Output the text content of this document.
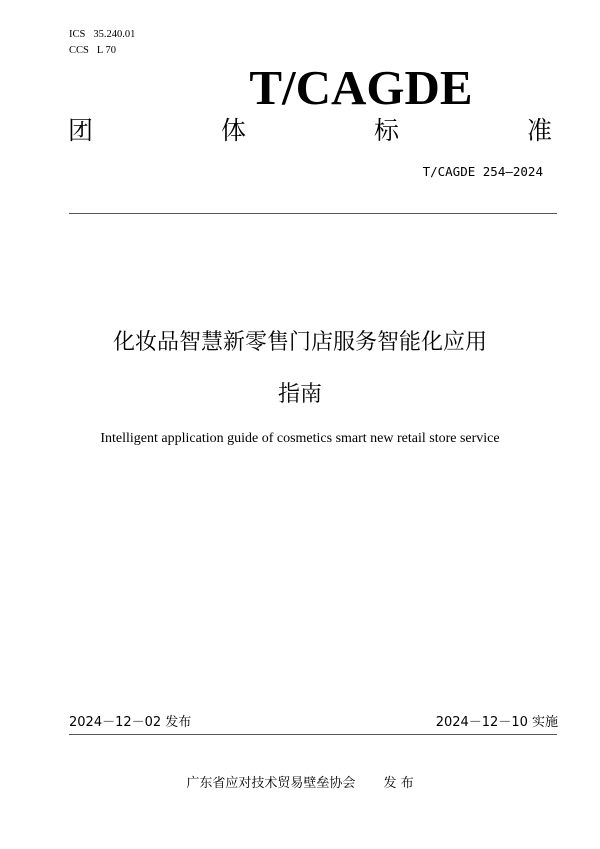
ICS 35.240.01
CCS L 70
T/CAGDE
团	体	标	准
T/CAGDE 254—2024
化妆品智慧新零售门店服务智能化应用
指南
Intelligent application guide of cosmetics smart new retail store service
2024－12－02 发布	2024－12－10 实施
广东省应对技术贸易壁垒协会 发 布
